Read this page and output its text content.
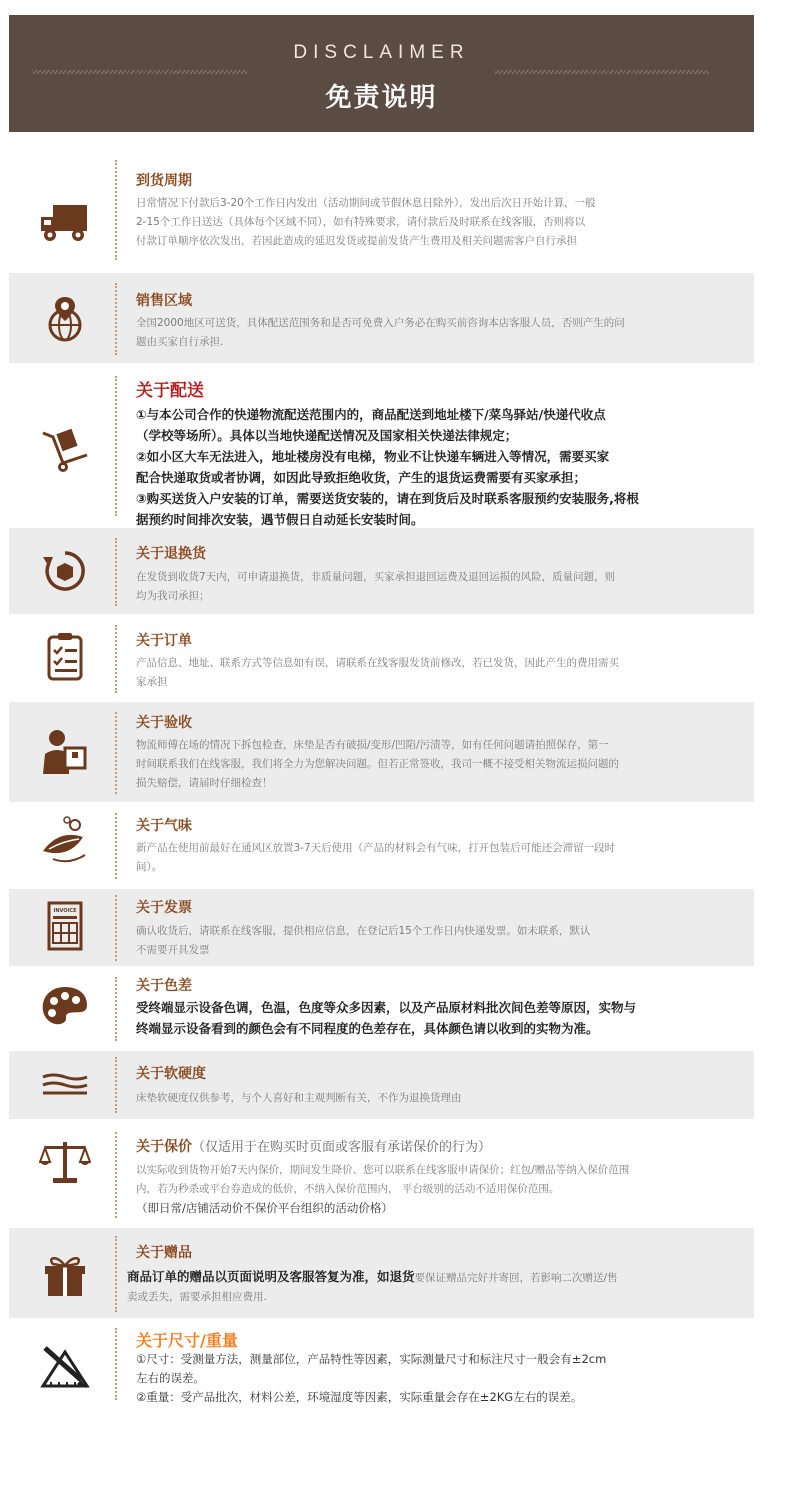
DISCLAIMER
免责说明
到货周期
日常情况下付款后3-20个工作日内发出（活动期间或节假休息日除外），发出后次日开始计算，一般
2-15个工作日送达（具体每个区域不同），如有特殊要求，请付款后及时联系在线客服，否则将以
付款订单顺序依次发出，若因此造成的延迟发货或提前发货产生费用及相关问题需客户自行承担
销售区域
全国2000地区可送货，具体配送范围务和是否可免费入户务必在购买前咨询本店客服人员，否则产生的问
题由买家自行承担.
关于配送
①与本公司合作的快递物流配送范围内的，商品配送到地址楼下/菜鸟驿站/快递代收点
（学校等场所）。具体以当地快递配送情况及国家相关快递法律规定；
②如小区大车无法进入，地址楼房没有电梯，物业不让快递车辆进入等情况，需要买家
配合快递取货或者协调，如因此导致拒绝收货，产生的退货运费需要有买家承担；
③购买送货入户安装的订单，需要送货安装的，请在到货后及时联系客服预约安装服务,将根
据预约时间排次安装，遇节假日自动延长安装时间。
关于退换货
在发货到收货7天内，可申请退换货，非质量问题，买家承担退回运费及退回运损的风险，质量问题，则
均为我司承担；
关于订单
产品信息、地址、联系方式等信息如有误，请联系在线客服发货前修改，若已发货，因此产生的费用需买
家承担
关于验收
物流师傅在场的情况下拆包检查，床垫是否有破损/变形/凹陷/污渍等，如有任何问题请拍照保存，第一
时间联系我们在线客服，我们将全力为您解决问题。但若正常签收，我司一概不接受相关物流运损问题的
损失赔偿，请届时仔细检查！
关于气味
新产品在使用前最好在通风区放置3-7天后使用（产品的材料会有气味，打开包装后可能还会滞留一段时
间）。
INVOICE	关于发票
确认收货后，请联系在线客服，提供相应信息，在登记后15个工作日内快递发票。如未联系，默认
不需要开具发票
关于色差
受终端显示设备色调，色温，色度等众多因素，以及产品原材料批次间色差等原因，实物与
终端显示设备看到的颜色会有不同程度的色差存在，具体颜色请以收到的实物为准。
关于软硬度
床垫软硬度仅供参考，与个人喜好和主观判断有关，不作为退换货理由
关于保价（仅适用于在购买时页面或客服有承诺保价的行为）
以实际收到货物开始7天内保价，期间发生降价、您可以联系在线客服申请保价；红包/赠品等纳入保价范围
内，若为秒杀或平台券造成的低价，不纳入保价范围内， 平台级别的活动不适用保价范围。
（即日常/店铺活动价不保价平台组织的活动价格）
关于赠品
商品订单的赠品以页面说明及客服答复为准，如退货要保证赠品完好并寄回，若影响二次赠送/售
卖或丢失，需要承担相应费用.
关于尺寸/重量
①尺寸：受测量方法，测量部位，产品特性等因素，实际测量尺寸和标注尺寸一般会有±2cm
左右的误差。
②重量：受产品批次，材料公差，环境湿度等因素，实际重量会存在±2KG左右的误差。
